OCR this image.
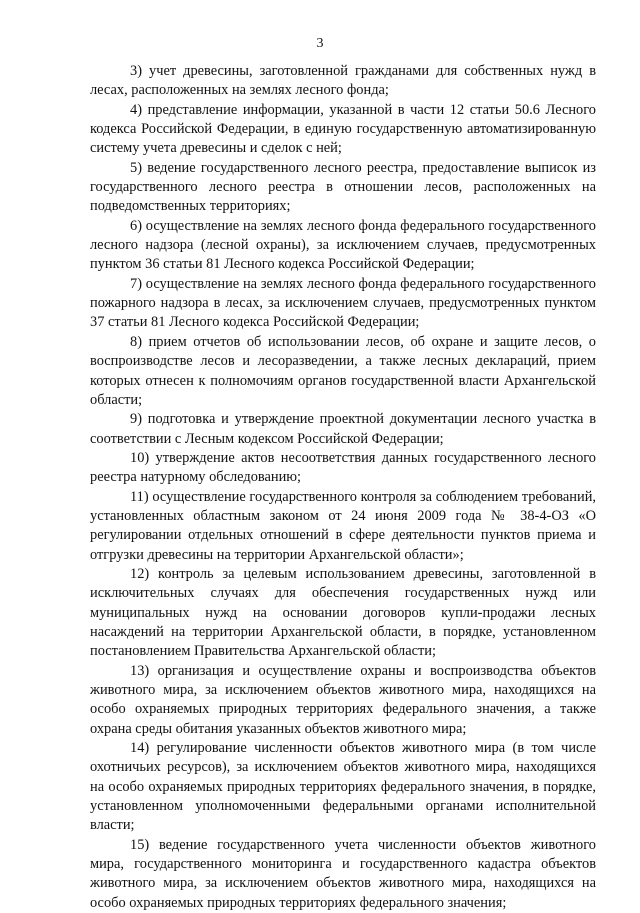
3

3) учет древесины, заготовленной гражданами для собственных нужд в лесах, расположенных на землях лесного фонда;

4) представление информации, указанной в части 12 статьи 50.6 Лесного кодекса Российской Федерации, в единую государственную автоматизированную систему учета древесины и сделок с ней;

5) ведение государственного лесного реестра, предоставление выписок из государственного лесного реестра в отношении лесов, расположенных на подведомственных территориях;

6) осуществление на землях лесного фонда федерального государственного лесного надзора (лесной охраны), за исключением случаев, предусмотренных пунктом 36 статьи 81 Лесного кодекса Российской Федерации;

7) осуществление на землях лесного фонда федерального государственного пожарного надзора в лесах, за исключением случаев, предусмотренных пунктом 37 статьи 81 Лесного кодекса Российской Федерации;

8) прием отчетов об использовании лесов, об охране и защите лесов, о воспроизводстве лесов и лесоразведении, а также лесных деклараций, прием которых отнесен к полномочиям органов государственной власти Архангельской области;

9) подготовка и утверждение проектной документации лесного участка в соответствии с Лесным кодексом Российской Федерации;

10) утверждение актов несоответствия данных государственного лесного реестра натурному обследованию;

11) осуществление государственного контроля за соблюдением требований, установленных областным законом от 24 июня 2009 года № 38-4-ОЗ «О регулировании отдельных отношений в сфере деятельности пунктов приема и отгрузки древесины на территории Архангельской области»;

12) контроль за целевым использованием древесины, заготовленной в исключительных случаях для обеспечения государственных нужд или муниципальных нужд на основании договоров купли-продажи лесных насаждений на территории Архангельской области, в порядке, установленном постановлением Правительства Архангельской области;

13) организация и осуществление охраны и воспроизводства объектов животного мира, за исключением объектов животного мира, находящихся на особо охраняемых природных территориях федерального значения, а также охрана среды обитания указанных объектов животного мира;

14) регулирование численности объектов животного мира (в том числе охотничьих ресурсов), за исключением объектов животного мира, находящихся на особо охраняемых природных территориях федерального значения, в порядке, установленном уполномоченными федеральными органами исполнительной власти;

15) ведение государственного учета численности объектов животного мира, государственного мониторинга и государственного кадастра объектов животного мира, за исключением объектов животного мира, находящихся на особо охраняемых природных территориях федерального значения;
